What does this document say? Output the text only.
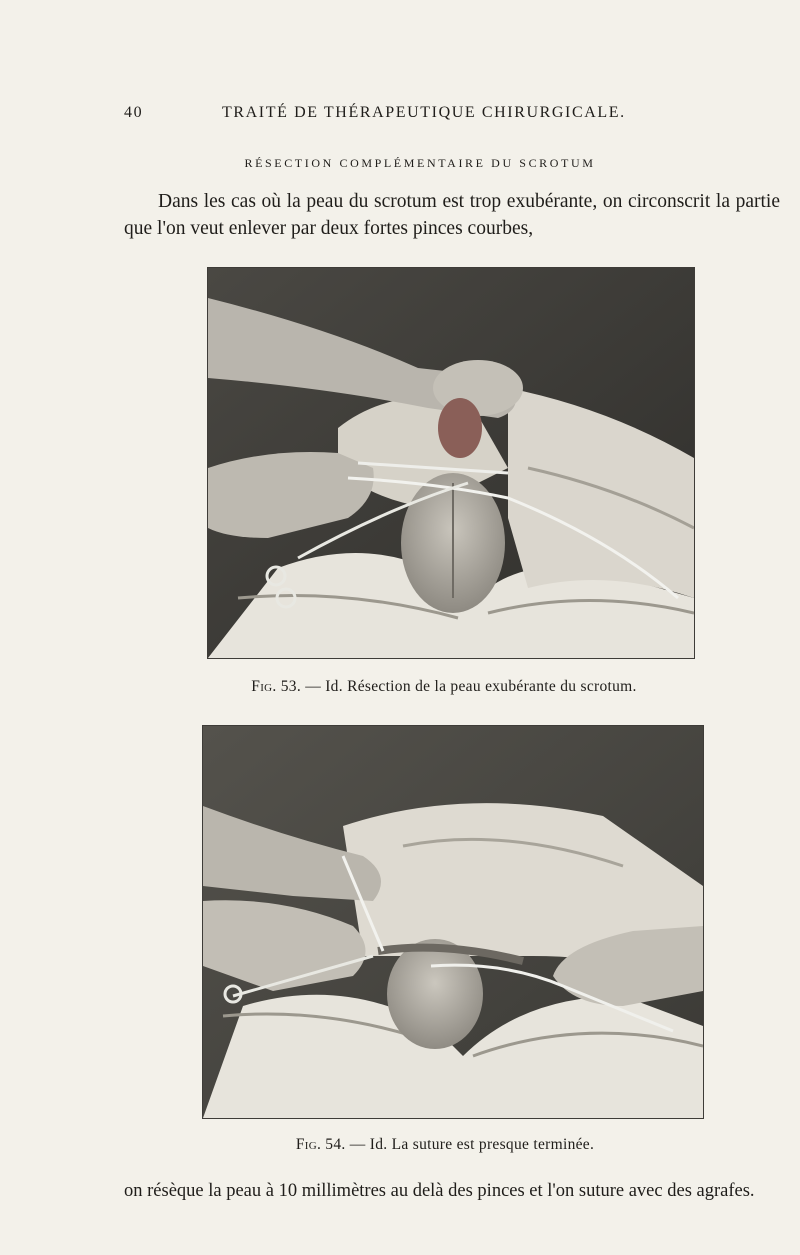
40	TRAITÉ DE THÉRAPEUTIQUE CHIRURGICALE.
RÉSECTION COMPLÉMENTAIRE DU SCROTUM

Dans les cas où la peau du scrotum est trop exubérante, on circonscrit la partie que l'on veut enlever par deux fortes pinces courbes,

Fig. 53. — Id. Résection de la peau exubérante du scrotum.
Fig. 54. — Id. La suture est presque terminée.

on résèque la peau à 10 millimètres au delà des pinces et l'on suture avec des agrafes.
